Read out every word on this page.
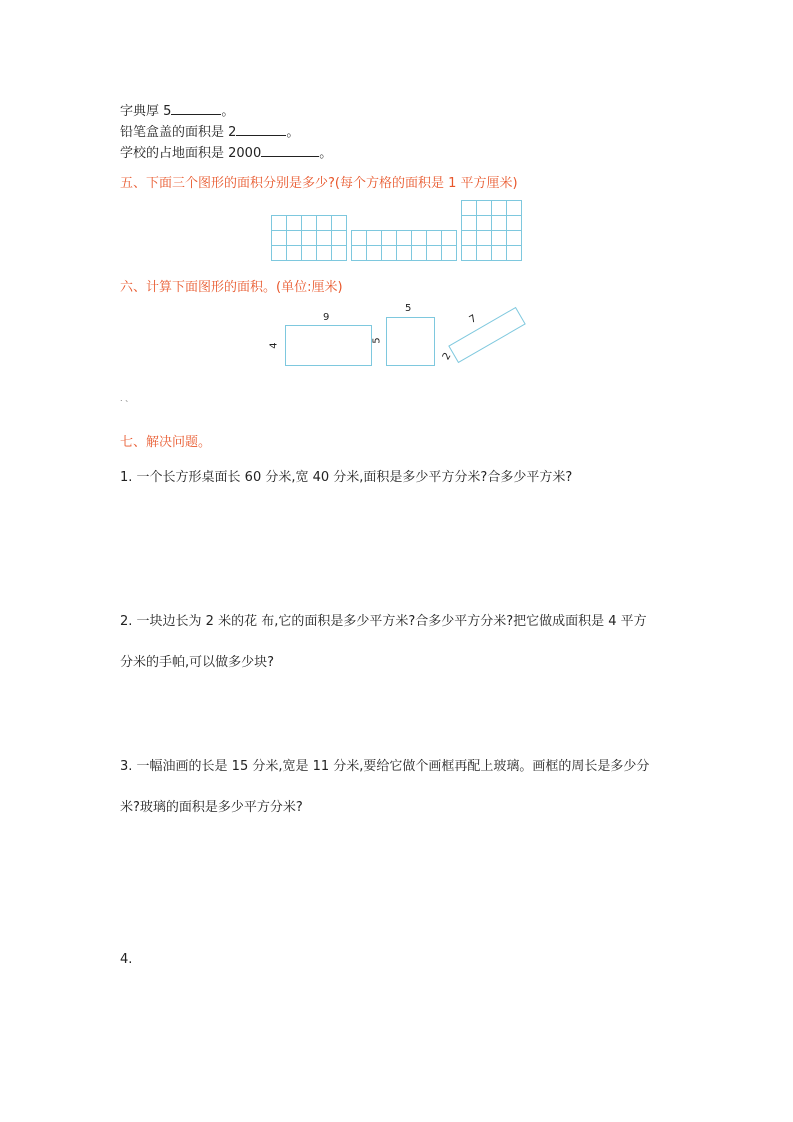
字典厚 5	。
铅笔盒盖的面积是 2	。
学校的占地面积是 2000	。
五、下面三个图形的面积分别是多少?(每个方格的面积是 1 平方厘米)

六、计算下面图形的面积。(单位:厘米)
9
4
5
5
7
2
. 、
七、解决问题。
1. 一个长方形桌面长 60 分米,宽 40 分米,面积是多少平方分米?合多少平方米?
2. 一块边长为 2 米的花 布,它的面积是多少平方米?合多少平方分米?把它做成面积是 4 平方
分米的手帕,可以做多少块?
3. 一幅油画的长是 15 分米,宽是 11 分米,要给它做个画框再配上玻璃。画框的周长是多少分
米?玻璃的面积是多少平方分米?
4.
